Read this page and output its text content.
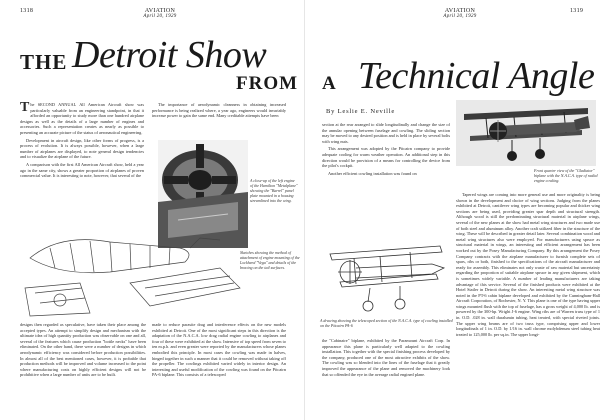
1318	AVIATION
April 20, 1929
AVIATION
April 20, 1929
1319
THE Detroit Show
FROM A Technical Angle

The SECOND ANNUAL All American Aircraft show was particularly valuable from an engineering standpoint, in that it afforded an opportunity to study more than one hundred airplane designs as well as the details of a large number of engines and accessories. Such a representation creates as nearly as possible to presenting an accurate picture of the status of aeronautical engineering.

Development in aircraft design, like other forms of progress, is a process of evolution. It is always possible, however, when a large number of airplanes are displayed, to note general design tendencies and to visualize the airplane of the future.

A comparison with the first All American Aircraft show, held a year ago in the same city, shows a greater proportion of airplanes of proven commercial value. It is interesting to note, however, that several of the

The importance of aerodynamic cleanness in obtaining increased performance is being realized where, a year ago, engineers would invariably increase power to gain the same end. Many creditable attempts have been

A close-up of the left engine of the Hamilton "Metalplane" showing the "Barrel" panel plate mounted in a housing streamlined into the wing.
Sketches showing the method of attachment of engine mounting of the Lockheed "Vega" and details of the bracing on the tail surfaces.

designs then regarded as speculative, have taken their place among the accepted types. An attempt to simplify design and mechanism with the ultimate idea of high quantity production was observable on one and all, several of the features which cause production "bottle necks" have been eliminated. On the other hand, there were a number of designs in which aerodynamic efficiency was considered before production possibilities. In almost all of the best mentioned cases, however, it is probable that production methods will be improved and volume increased to the point where manufacturing costs on highly efficient designs will not be prohibitive when a large number of units are to be built.

made to reduce parasite drag and interference effects on the new models exhibited at Detroit. One of the most significant steps in this direction is the adaptation of the N.A.C.A. low drag radial engine cowling to airplanes and four of these were exhibited at the show. Intensive of top speed from seven to ten m.p.h. and even greater were reported by the manufacturers whose planes embodied this principle. In most cases the cowling was made in halves, hinged together in such a manner that it could be removed without taking off the propeller. The cowlings exhibited varied widely in interior design. An interesting and useful modification of the cowling was found on the Pitcairn PA-6 biplane. This consists of a telescoped

By Leslie E. Neville

section at the rear arranged to slide longitudinally and change the size of the annular opening between fuselage and cowling. The sliding section may be moved to any desired position and is held in place by several bolts with wing nuts.

This arrangement was adopted by the Pitcairn company to provide adequate cooling for warm weather operation. An additional step in this direction would be provision of a means for controlling the device from the pilot's cockpit.

Another efficient cowling installation was found on

Front quarter view of the "Gladiator" biplane with the N.A.C.A. type of radial engine cowling.

Tapered wings are coming into more general use and more originality is being shown in the development and choice of wing sections. Judging from the planes exhibited at Detroit, cantilever wing types are becoming popular and thicker wing sections are being used, providing greater spar depth and structural strength. Although wood is still the predominating structural material in airplane wings, several of the new planes at the show had metal wing structures and two made use of both steel and aluminum alloy. Another craft utilized fiber in the structure of the wing. These will be described in greater detail later. Several combination wood and metal wing structures also were employed. For manufacturers using spruce as structural material in wings, an interesting and efficient arrangement has been worked out by the Posey Manufacturing Company. By this arrangement the Posey Company contracts with the airplane manufacturer to furnish complete sets of spars, ribs or both, finished to the specifications of the aircraft manufacturer and ready for assembly. This eliminates not only waste of raw material but uncertainty regarding the proportion of suitable airplane spruce in any given shipment, which is sometimes widely variable. A number of leading manufacturers are taking advantage of this service. Several of the finished products were exhibited at the Hotel Statler in Detroit during the show. An interesting metal wing structure was noted in the PT-6 cabin biplane developed and exhibited by the Cunningham-Hall Aircraft Corporation, of Rochester, N. Y. This plane is one of the type having upper wings mounted flush with the top of fuselage, has a gross weight of 4,000 lb. and is powered by the 300-hp. Wright J-6 engine. Wing ribs are of Warren truss type of 1 in. O.D. .028 in. wall duralumin tubing, heat treated, with special riveted joints. The upper wing beams are of two truss type, comprising upper and lower longitudinals of 1 in. O.D. by 1/16 in. wall chrome molybdenum steel tubing heat treated to 125,000 lb. per sq.in. The upper longi-

A drawing showing the telescoped section of the N.A.C.A. type of cowling installed on the Pitcairn PA-6

the "Cabinaire" biplane, exhibited by the Paramount Aircraft Corp. In appearance this plane is particularly well adapted to the cowling installation. This together with the special finishing process developed by the company, produced one of the most attractive exhibits of the show. The cowling was so blended into the lines of the fuselage that it greatly improved the appearance of the plane and removed the machinery look that so offended the eye in the average radial engined plane.
